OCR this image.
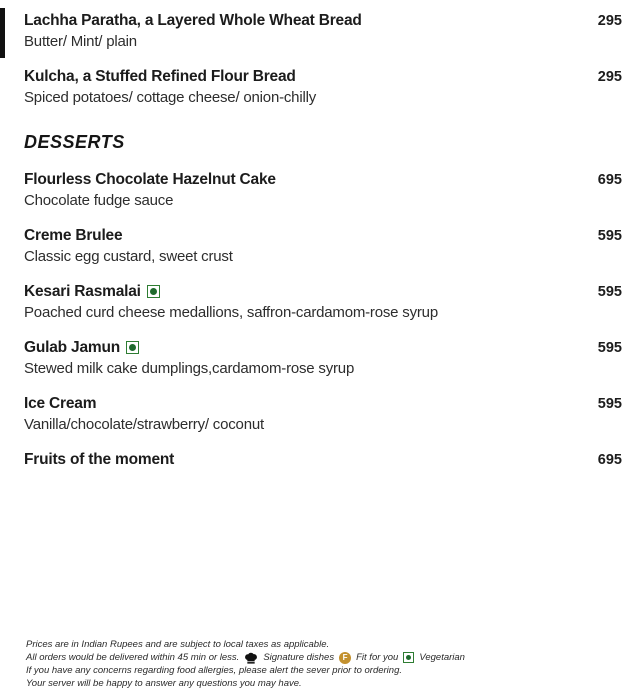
Lachha Paratha, a Layered Whole Wheat Bread	295
Butter/ Mint/ plain
Kulcha, a Stuffed Refined Flour Bread	295
Spiced potatoes/ cottage cheese/ onion-chilly
DESSERTS
Flourless Chocolate Hazelnut Cake	695
Chocolate fudge sauce
Creme Brulee	595
Classic egg custard, sweet crust
Kesari Rasmalai	595
Poached curd cheese medallions, saffron-cardamom-rose syrup
Gulab Jamun	595
Stewed milk cake dumplings,cardamom-rose syrup
Ice Cream	595
Vanilla/chocolate/strawberry/ coconut
Fruits of the moment	695
Prices are in Indian Rupees and are subject to local taxes as applicable.
All orders would be delivered within 45 min or less.	Signature dishes	F Fit for you Vegetarian
If you have any concerns regarding food allergies, please alert the sever prior to ordering.
Your server will be happy to answer any questions you may have.
